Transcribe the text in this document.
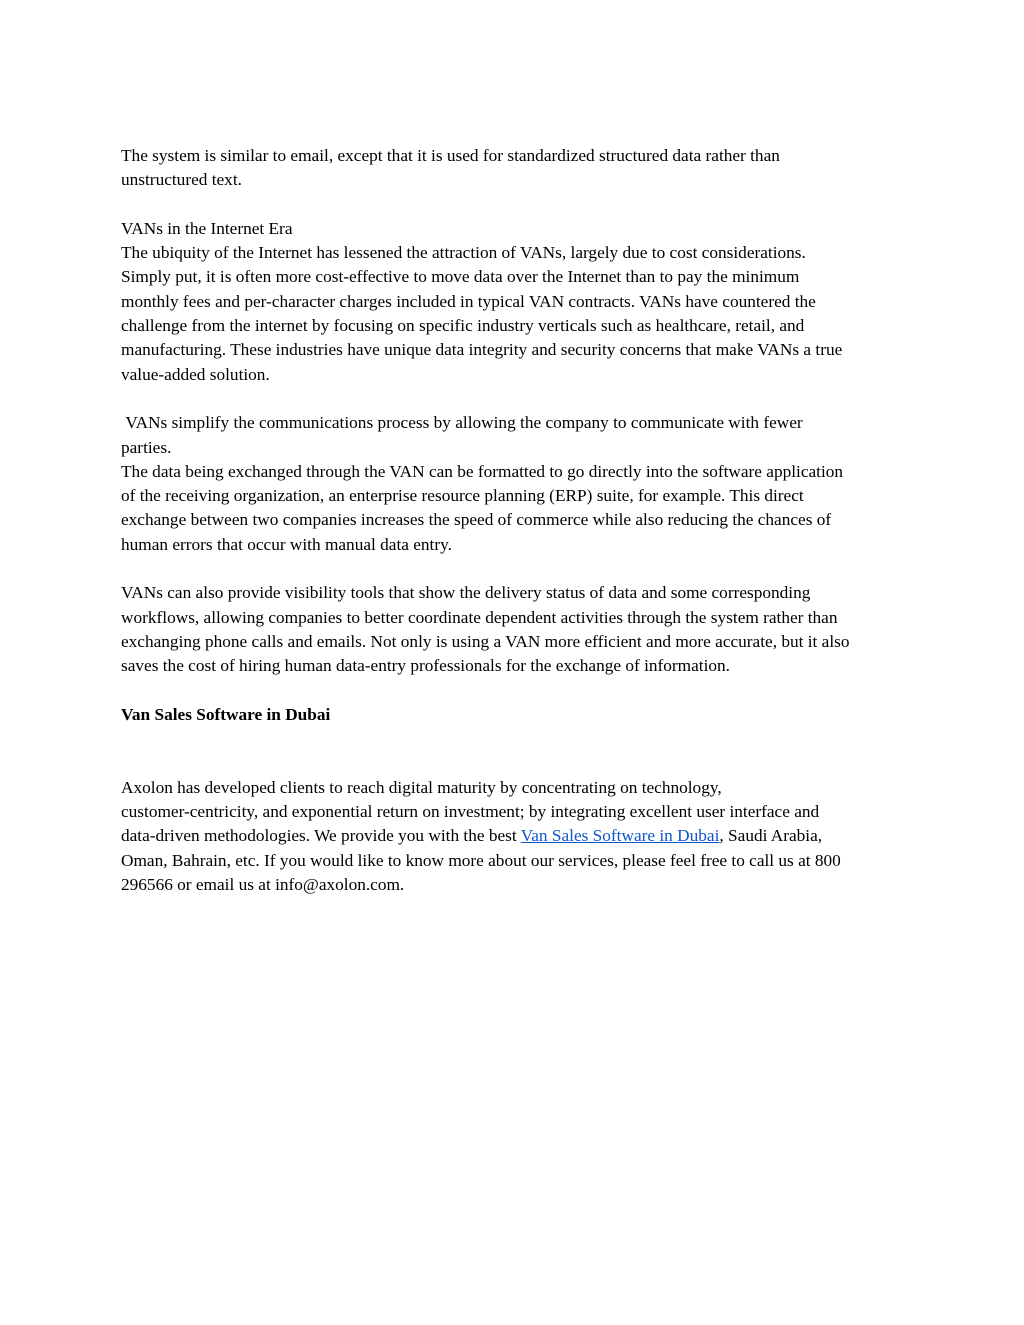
The system is similar to email, except that it is used for standardized structured data rather than

unstructured text.

VANs in the Internet Era

The ubiquity of the Internet has lessened the attraction of VANs, largely due to cost considerations.

Simply put, it is often more cost-effective to move data over the Internet than to pay the minimum

monthly fees and per-character charges included in typical VAN contracts. VANs have countered the

challenge from the internet by focusing on specific industry verticals such as healthcare, retail, and

manufacturing. These industries have unique data integrity and security concerns that make VANs a true

value-added solution.

VANs simplify the communications process by allowing the company to communicate with fewer

parties.

The data being exchanged through the VAN can be formatted to go directly into the software application

of the receiving organization, an enterprise resource planning (ERP) suite, for example. This direct

exchange between two companies increases the speed of commerce while also reducing the chances of

human errors that occur with manual data entry.

VANs can also provide visibility tools that show the delivery status of data and some corresponding

workflows, allowing companies to better coordinate dependent activities through the system rather than

exchanging phone calls and emails. Not only is using a VAN more efficient and more accurate, but it also

saves the cost of hiring human data-entry professionals for the exchange of information.

Van Sales Software in Dubai

Axolon has developed clients to reach digital maturity by concentrating on technology,

customer-centricity, and exponential return on investment; by integrating excellent user interface and

data-driven methodologies. We provide you with the best Van Sales Software in Dubai, Saudi Arabia,

Oman, Bahrain, etc. If you would like to know more about our services, please feel free to call us at 800

296566 or email us at info@axolon.com.
